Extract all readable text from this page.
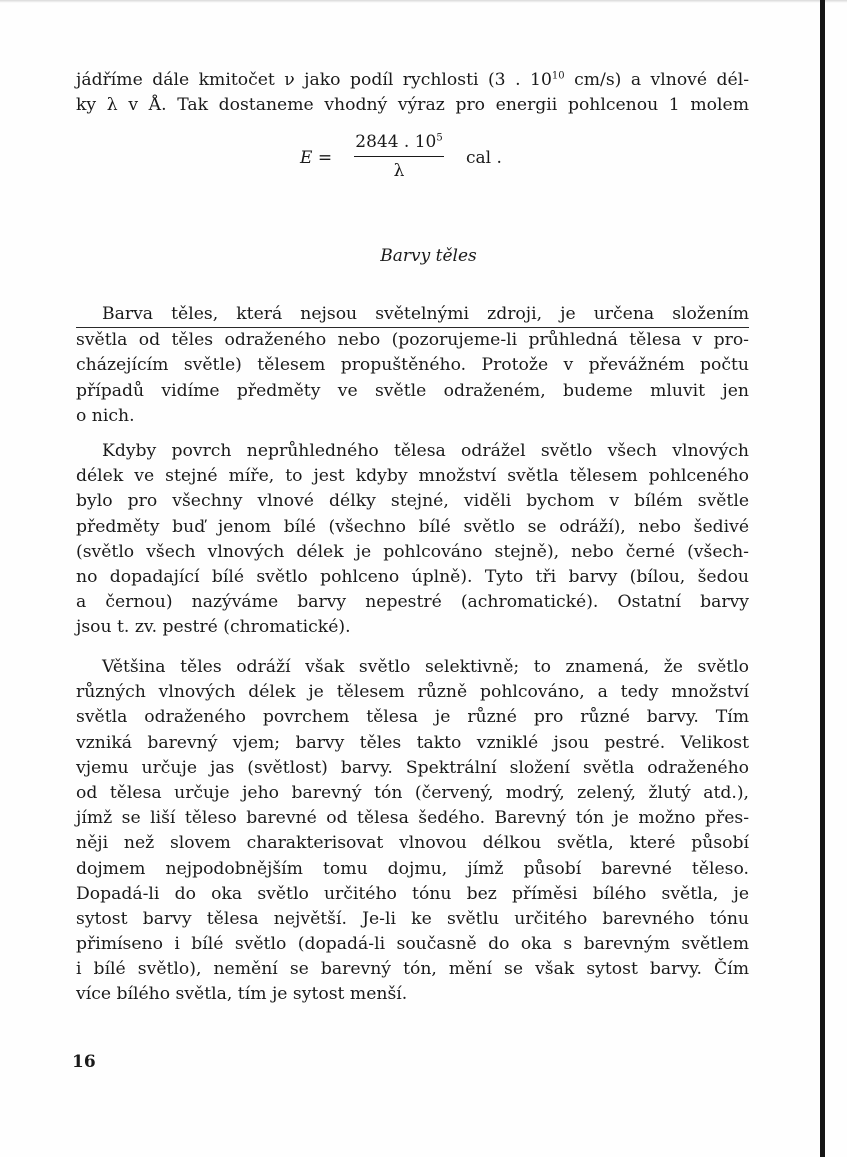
jádříme dále kmitočet ν jako podíl rychlosti (3 . $10^{10}$ cm/s) a vlnové dél-
ky λ v Å. Tak dostaneme vhodný výraz pro energii pohlcenou 1 molem
E =
2844 . $10^5$
λ
cal .
Barvy těles
Barva těles, která nejsou světelnými zdroji, je určena složením
světla od těles odraženého nebo (pozorujeme-li průhledná tělesa v pro-
cházejícím světle) tělesem propuštěného. Protože v převážném počtu
případů vidíme předměty ve světle odraženém, budeme mluvit jen
o nich.
Kdyby povrch neprůhledného tělesa odrážel světlo všech vlnových
délek ve stejné míře, to jest kdyby množství světla tělesem pohlceného
bylo pro všechny vlnové délky stejné, viděli bychom v bílém světle
předměty buď jenom bílé (všechno bílé světlo se odráží), nebo šedivé
(světlo všech vlnových délek je pohlcováno stejně), nebo černé (všech-
no dopadající bílé světlo pohlceno úplně). Tyto tři barvy (bílou, šedou
a černou) nazýváme barvy nepestré (achromatické). Ostatní barvy
jsou t. zv. pestré (chromatické).
Většina těles odráží však světlo selektivně; to znamená, že světlo
různých vlnových délek je tělesem různě pohlcováno, a tedy množství
světla odraženého povrchem tělesa je různé pro různé barvy. Tím
vzniká barevný vjem; barvy těles takto vzniklé jsou pestré. Velikost
vjemu určuje jas (světlost) barvy. Spektrální složení světla odraženého
od tělesa určuje jeho barevný tón (červený, modrý, zelený, žlutý atd.),
jímž se liší těleso barevné od tělesa šedého. Barevný tón je možno přes-
něji než slovem charakterisovat vlnovou délkou světla, které působí
dojmem nejpodobnějším tomu dojmu, jímž působí barevné těleso.
Dopadá-li do oka světlo určitého tónu bez příměsi bílého světla, je
sytost barvy tělesa největší. Je-li ke světlu určitého barevného tónu
přimíseno i bílé světlo (dopadá-li současně do oka s barevným světlem
i bílé světlo), nemění se barevný tón, mění se však sytost barvy. Čím
více bílého světla, tím je sytost menší.
16
